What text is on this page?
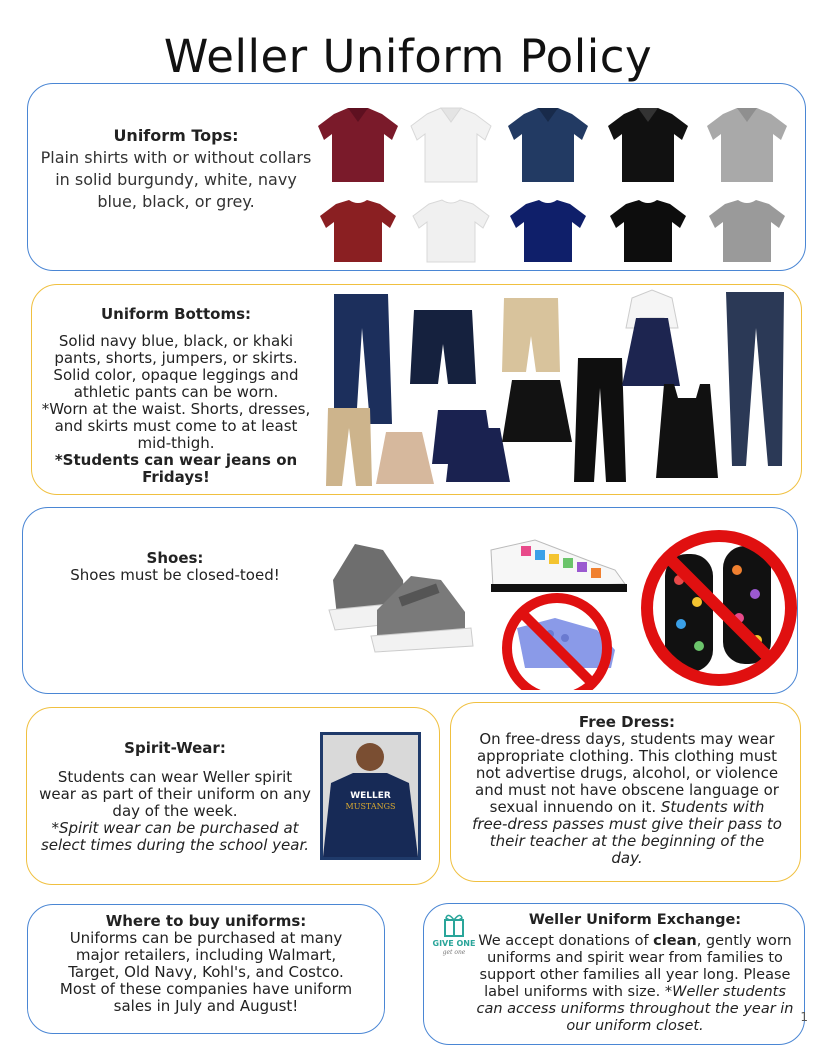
Weller Uniform Policy
Uniform Tops:
Plain shirts with or without collars in solid burgundy, white, navy blue, black, or grey.
Uniform Bottoms:
Solid navy blue, black, or khaki pants, shorts, jumpers, or skirts. Solid color, opaque leggings and athletic pants can be worn.
*Worn at the waist. Shorts, dresses, and skirts must come to at least mid-thigh.
*Students can wear jeans on Fridays!
Shoes:
Shoes must be closed-toed!
Spirit-Wear:
Students can wear Weller spirit wear as part of their uniform on any day of the week.
*Spirit wear can be purchased at select times during the school year.
WELLER
MUSTANGS
Free Dress:
On free-dress days, students may wear appropriate clothing. This clothing must not advertise drugs, alcohol, or violence and must not have obscene language or sexual innuendo on it. Students with free-dress passes must give their pass to their teacher at the beginning of the day.
Where to buy uniforms:
Uniforms can be purchased at many major retailers, including Walmart, Target, Old Navy, Kohl's, and Costco. Most of these companies have uniform sales in July and August!
GIVE ONE
get one
Weller Uniform Exchange:
We accept donations of clean, gently worn uniforms and spirit wear from families to support other families all year long. Please label uniforms with size. *Weller students can access uniforms throughout the year in our uniform closet.
1
